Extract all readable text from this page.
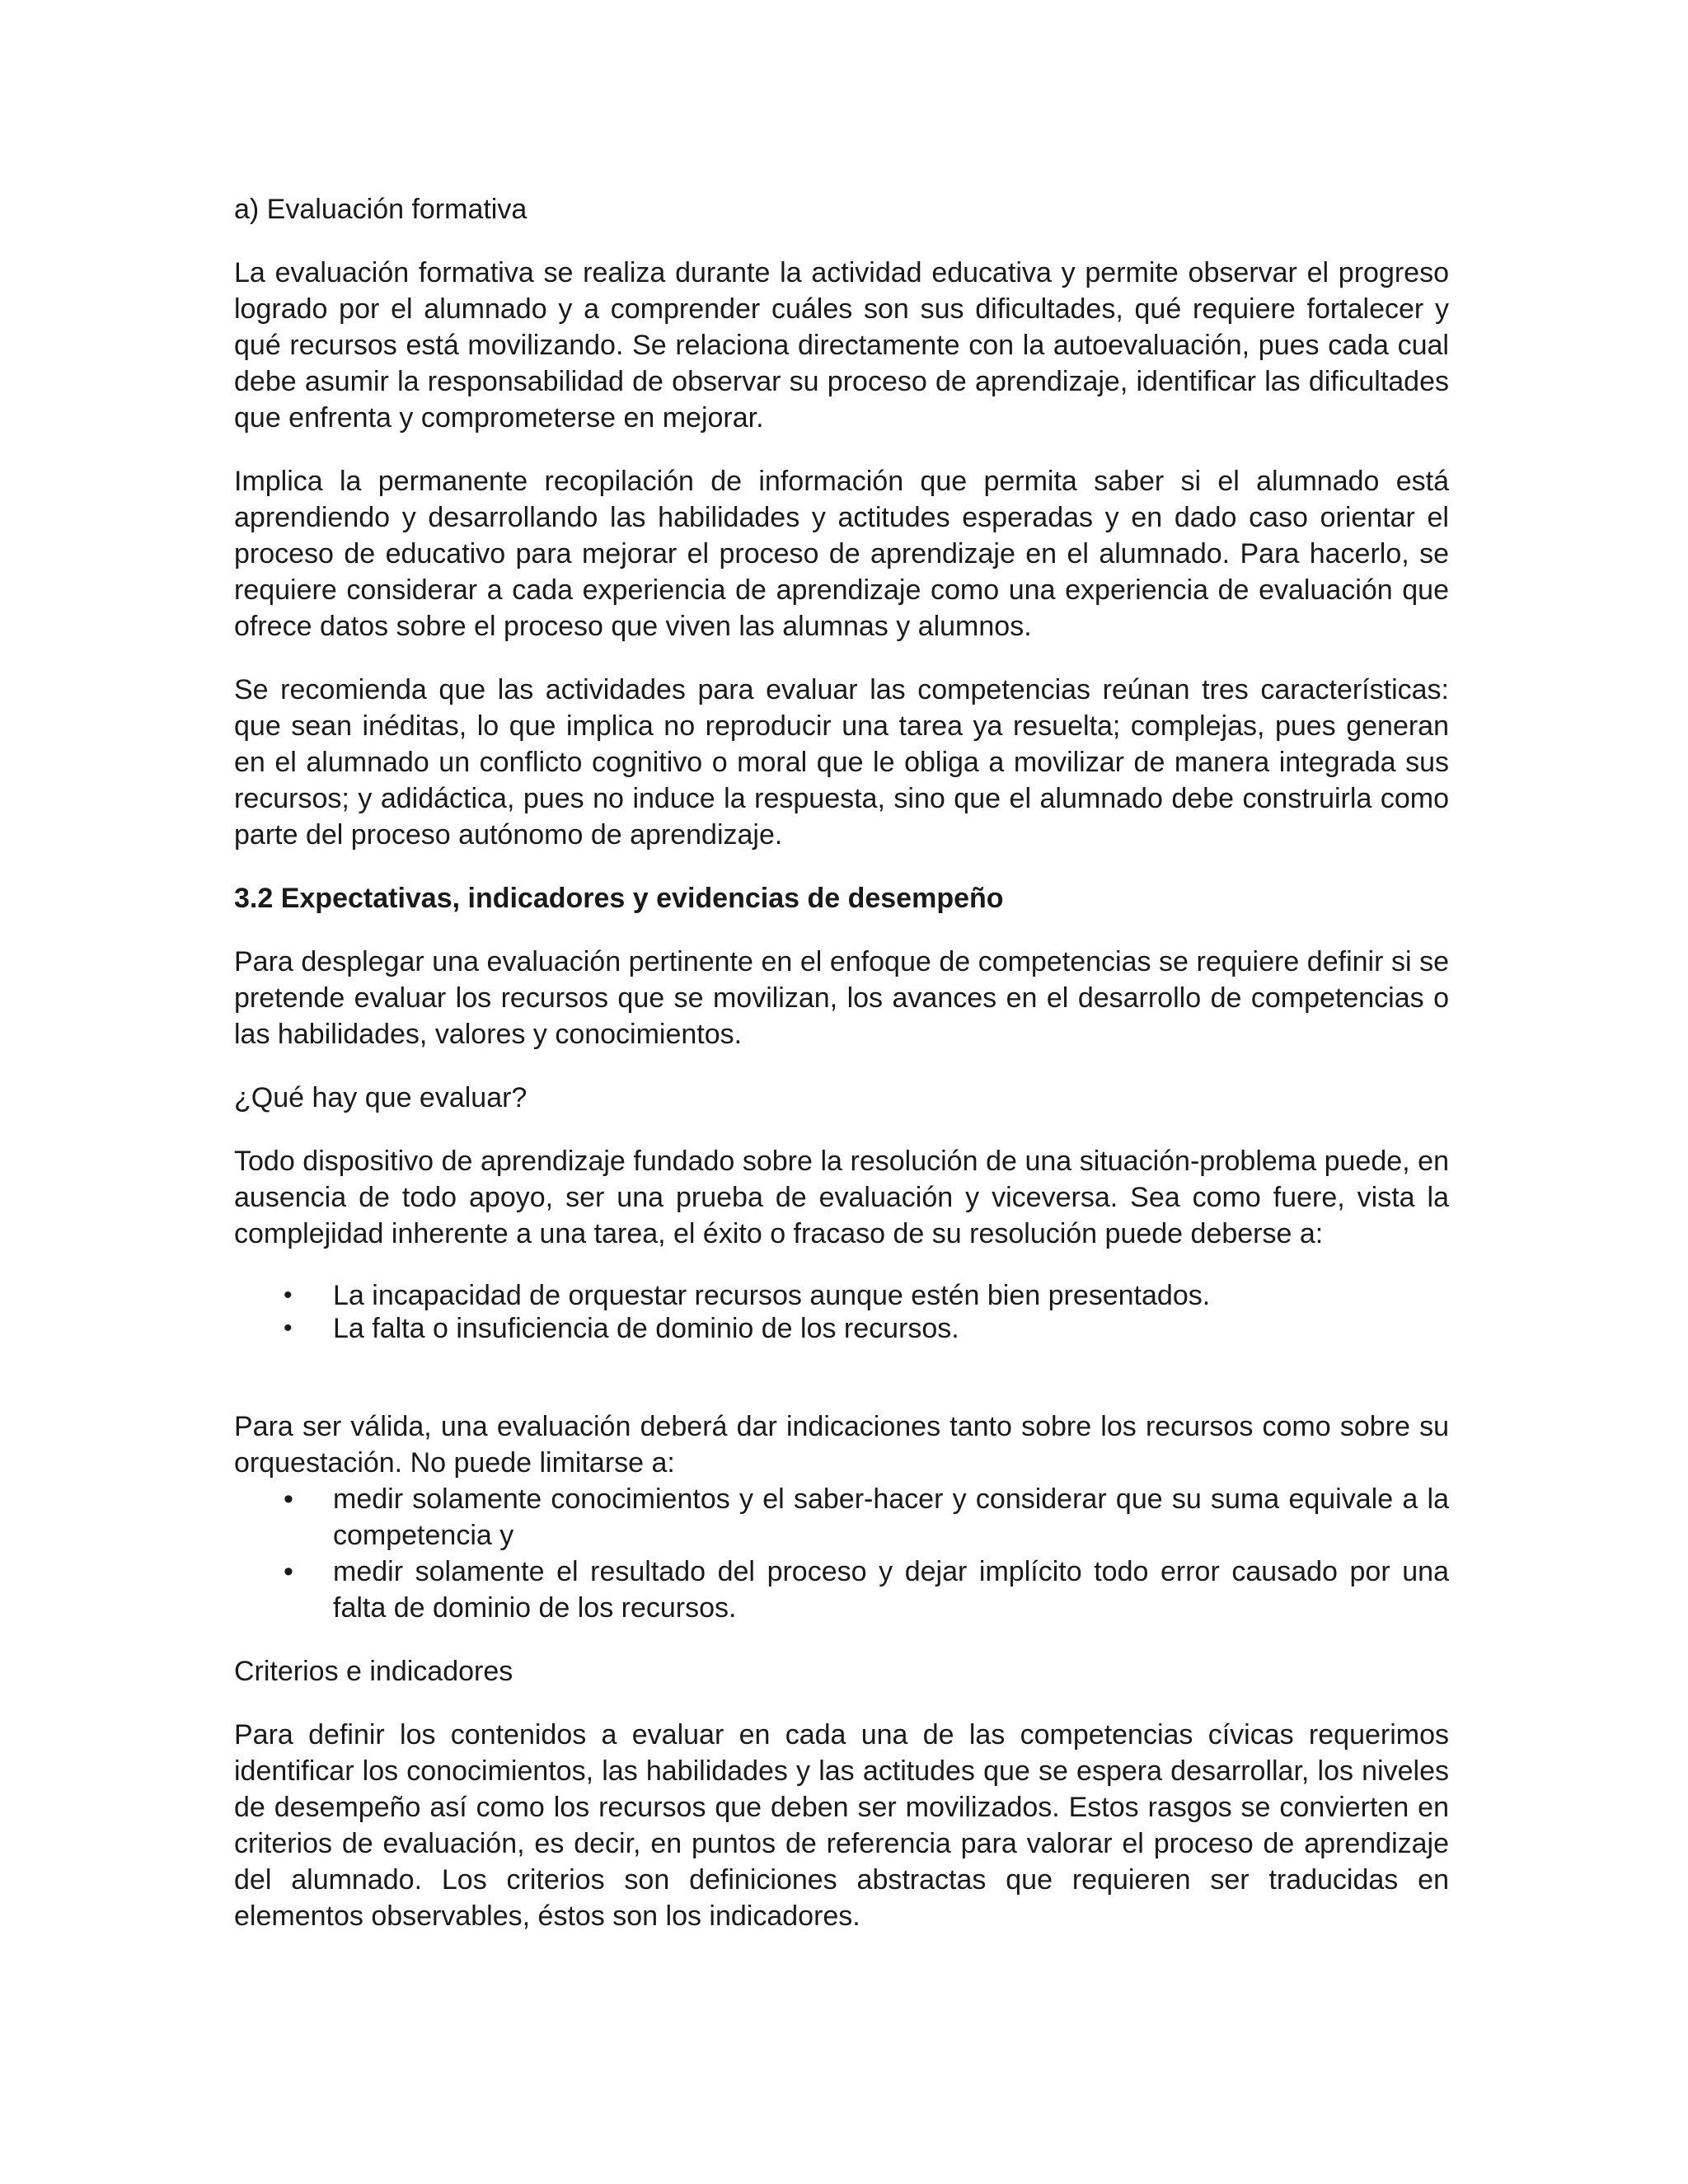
a) Evaluación formativa

La evaluación formativa se realiza durante la actividad educativa y permite observar el progreso logrado por el alumnado y a comprender cuáles son sus dificultades, qué requiere fortalecer y qué recursos está movilizando. Se relaciona directamente con la autoevaluación, pues cada cual debe asumir la responsabilidad de observar su proceso de aprendizaje, identificar las dificultades que enfrenta y comprometerse en mejorar.

Implica la permanente recopilación de información que permita saber si el alumnado está aprendiendo y desarrollando las habilidades y actitudes esperadas y en dado caso orientar el proceso de educativo para mejorar el proceso de aprendizaje en el alumnado. Para hacerlo, se requiere considerar a cada experiencia de aprendizaje como una experiencia de evaluación que ofrece datos sobre el proceso que viven las alumnas y alumnos.

Se recomienda que las actividades para evaluar las competencias reúnan tres características: que sean inéditas, lo que implica no reproducir una tarea ya resuelta; complejas, pues generan en el alumnado un conflicto cognitivo o moral que le obliga a movilizar de manera integrada sus recursos; y adidáctica, pues no induce la respuesta, sino que el alumnado debe construirla como parte del proceso autónomo de aprendizaje.

3.2 Expectativas, indicadores y evidencias de desempeño

Para desplegar una evaluación pertinente en el enfoque de competencias se requiere definir si se pretende evaluar los recursos que se movilizan, los avances en el desarrollo de competencias o las habilidades, valores y conocimientos.

¿Qué hay que evaluar?

Todo dispositivo de aprendizaje fundado sobre la resolución de una situación-problema puede, en ausencia de todo apoyo, ser una prueba de evaluación y viceversa. Sea como fuere, vista la complejidad inherente a una tarea, el éxito o fracaso de su resolución puede deberse a:

• La incapacidad de orquestar recursos aunque estén bien presentados.
• La falta o insuficiencia de dominio de los recursos.

Para ser válida, una evaluación deberá dar indicaciones tanto sobre los recursos como sobre su orquestación. No puede limitarse a:

• medir solamente conocimientos y el saber-hacer y considerar que su suma equivale a la competencia y
• medir solamente el resultado del proceso y dejar implícito todo error causado por una falta de dominio de los recursos.

Criterios e indicadores

Para definir los contenidos a evaluar en cada una de las competencias cívicas requerimos identificar los conocimientos, las habilidades y las actitudes que se espera desarrollar, los niveles de desempeño así como los recursos que deben ser movilizados. Estos rasgos se convierten en criterios de evaluación, es decir, en puntos de referencia para valorar el proceso de aprendizaje del alumnado. Los criterios son definiciones abstractas que requieren ser traducidas en elementos observables, éstos son los indicadores.
